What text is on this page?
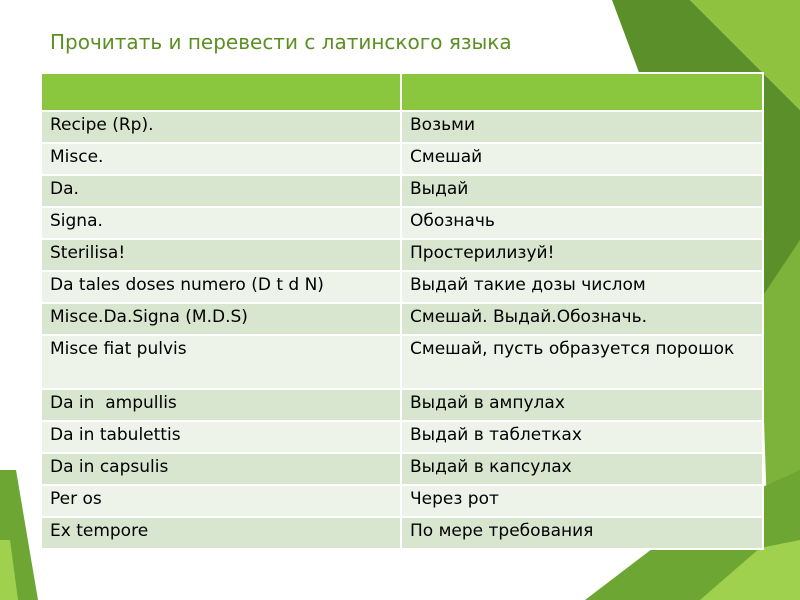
Прочитать и перевести с латинского языка

Recipe (Rp).	Возьми
Misce.	Смешай
Da.	Выдай
Signa.	Обозначь
Sterilisa!	Простерилизуй!
Da tales doses numero (D t d N)	Выдай такие дозы числом
Misce.Da.Signa (M.D.S)	Смешай. Выдай.Обозначь.
Misce fiat pulvis	Смешай, пусть образуется порошок
Da in  ampullis	Выдай в ампулах
Da in tabulettis	Выдай в таблетках
Da in capsulis	Выдай в капсулах
Per os	Через рот
Ex tempore	По мере требования
